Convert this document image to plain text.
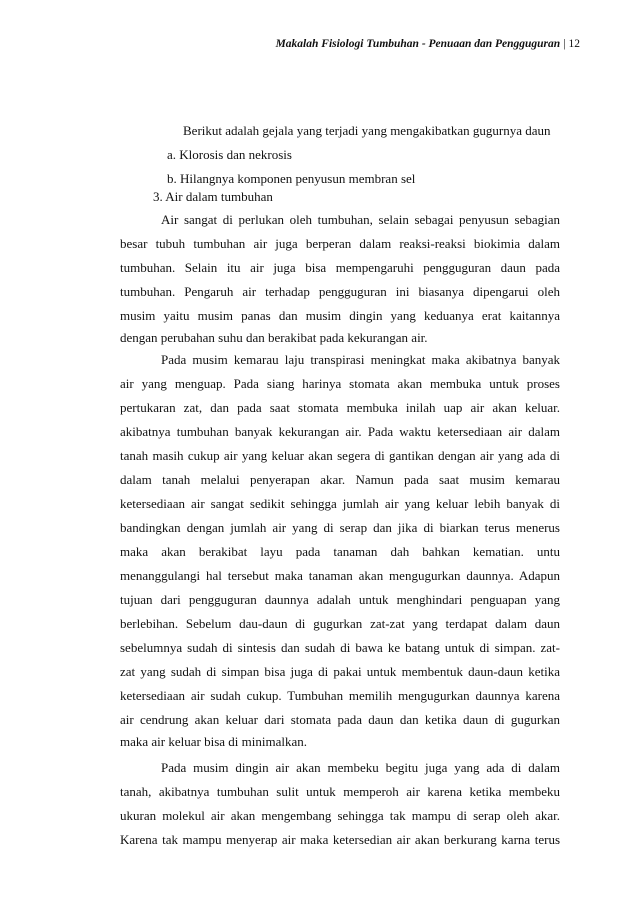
Makalah Fisiologi Tumbuhan - Penuaan dan Pengguguran | 12
Berikut adalah gejala yang terjadi yang mengakibatkan gugurnya daun
a. Klorosis dan nekrosis
b. Hilangnya komponen penyusun membran sel
3. Air dalam tumbuhan
Air sangat di perlukan oleh tumbuhan, selain sebagai penyusun sebagian
besar tubuh tumbuhan air juga berperan dalam reaksi-reaksi biokimia dalam
tumbuhan. Selain itu air juga bisa mempengaruhi pengguguran daun pada
tumbuhan. Pengaruh air terhadap pengguguran ini biasanya dipengarui oleh
musim yaitu musim panas dan musim dingin yang keduanya erat kaitannya
dengan perubahan suhu dan berakibat pada kekurangan air.
Pada musim kemarau laju transpirasi meningkat maka akibatnya banyak
air yang menguap. Pada siang harinya stomata akan membuka untuk proses
pertukaran zat, dan pada saat stomata membuka inilah uap air akan keluar.
akibatnya tumbuhan banyak kekurangan air. Pada waktu ketersediaan air dalam
tanah masih cukup air yang keluar akan segera di gantikan dengan air yang ada di
dalam tanah melalui penyerapan akar. Namun pada saat musim kemarau
ketersediaan air sangat sedikit sehingga jumlah air yang keluar lebih banyak di
bandingkan dengan jumlah air yang di serap dan jika di biarkan terus menerus
maka akan berakibat layu pada tanaman dah bahkan kematian. untu
menanggulangi hal tersebut maka tanaman akan mengugurkan daunnya. Adapun
tujuan dari pengguguran daunnya adalah untuk menghindari penguapan yang
berlebihan. Sebelum dau-daun di gugurkan zat-zat yang terdapat dalam daun
sebelumnya sudah di sintesis dan sudah di bawa ke batang untuk di simpan. zat-
zat yang sudah di simpan bisa juga di pakai untuk membentuk daun-daun ketika
ketersediaan air sudah cukup. Tumbuhan memilih mengugurkan daunnya karena
air cendrung akan keluar dari stomata pada daun dan ketika daun di gugurkan
maka air keluar bisa di minimalkan.
Pada musim dingin air akan membeku begitu juga yang ada di dalam
tanah, akibatnya tumbuhan sulit untuk memperoh air karena ketika membeku
ukuran molekul air akan mengembang sehingga tak mampu di serap oleh akar.
Karena tak mampu menyerap air maka ketersedian air akan berkurang karna terus
